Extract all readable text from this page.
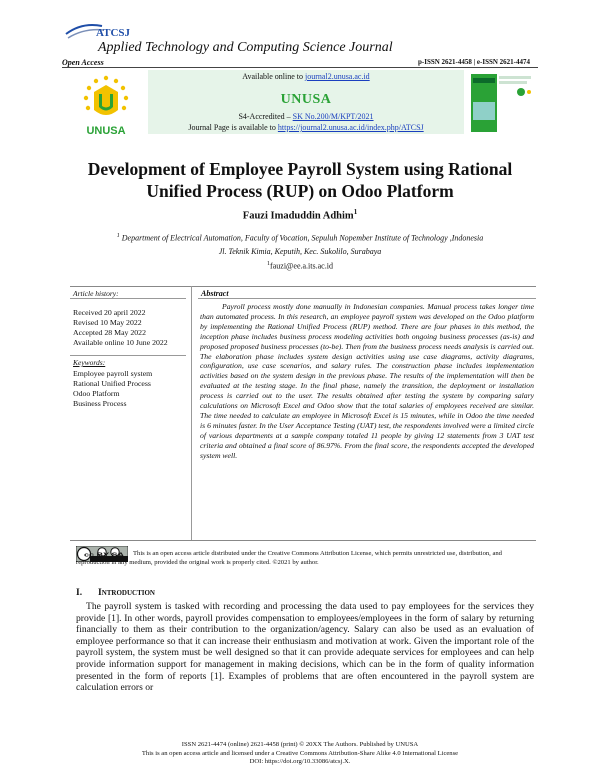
ATCSJ
Applied Technology and Computing Science Journal
Open Access	p-ISSN 2621-4458 | e-ISSN 2621-4474
UNUSA
Available online to journal2.unusa.ac.id
UNUSA
S4-Accredited – SK No.200/M/KPT/2021
Journal Page is available to https://journal2.unusa.ac.id/index.php/ATCSJ
Development of Employee Payroll System using Rational
Unified Process (RUP) on Odoo Platform
Fauzi Imaduddin Adhim$^1$
$^1$ Department of Electrical Automation, Faculty of Vocation, Sepuluh Nopember Institute of Technology ,Indonesia
Jl. Teknik Kimia, Keputih, Kec. Sukolilo, Surabaya
$^1$fauzi@ee.a.its.ac.id
Article history:
Received 20 april 2022
Revised 10 May 2022
Accepted 28 May 2022
Available online 10 June 2022
Keywords:
Employee payroll system
Rational Unified Process
Odoo Platform
Business Process
Abstract

Payroll process mostly done manually in Indonesian companies. Manual process takes longer time than automated process. In this research, an employee payroll system was developed on the Odoo platform by implementing the Rational Unified Process (RUP) method. There are four phases in this method, the inception phase includes business process modeling activities both ongoing business processes (as-is) and proposed proposed business processes (to-be). Then from the business process needs analysis is carried out. The elaboration phase includes system design activities using use case diagrams, activity diagrams, configuration, use case scenarios, and salary rules. The construction phase includes implementation activities based on the system design in the previous phase. The results of the implementation will then be evaluated at the testing stage. In the final phase, namely the transition, the deployment or installation process is carried out to the user. The results obtained after testing the system by comparing salary calculations on Microsoft Excel and Odoo show that the total salaries of employees received are similar. The time needed to calculate an employee in Microsoft Excel is 15 minutes, while in Odoo the time needed is 6 minutes faster. In the User Acceptance Testing (UAT) test, the respondents involved were a limited circle of various departments at a sample company totaled 11 people by giving 12 statements from 3 UAT test criteria and obtained a final score of 86.97%. From the final score, the respondents accepted the developed system well.

cc BY SA	This is an open access article distributed under the Creative Commons Attribution License, which permits unrestricted use, distribution, and reproduction in any medium, provided the original work is properly cited. ©2021 by author.

I. Introduction

The payroll system is tasked with recording and processing the data used to pay employees for the services they provide [1]. In other words, payroll provides compensation to employees/employees in the form of salary by returning financially to them as their contribution to the organization/agency. Salary can also be used as an evaluation of employee performance so that it can increase their enthusiasm and motivation at work. Given the important role of the payroll system, the system must be well designed so that it can provide adequate services for employees and can help provide information support for management in making decisions, which can be in the form of quality information presented in the form of reports [1]. Examples of problems that are often encountered in the payroll system are calculation errors or

ISSN 2621-4474 (online) 2621-4458 (print) © 20XX The Authors. Published by UNUSA
This is an open access article and licensed under a Creative Commons Attribution-Share Alike 4.0 International License
DOI: https://doi.org/10.33086/atcsj.X.
